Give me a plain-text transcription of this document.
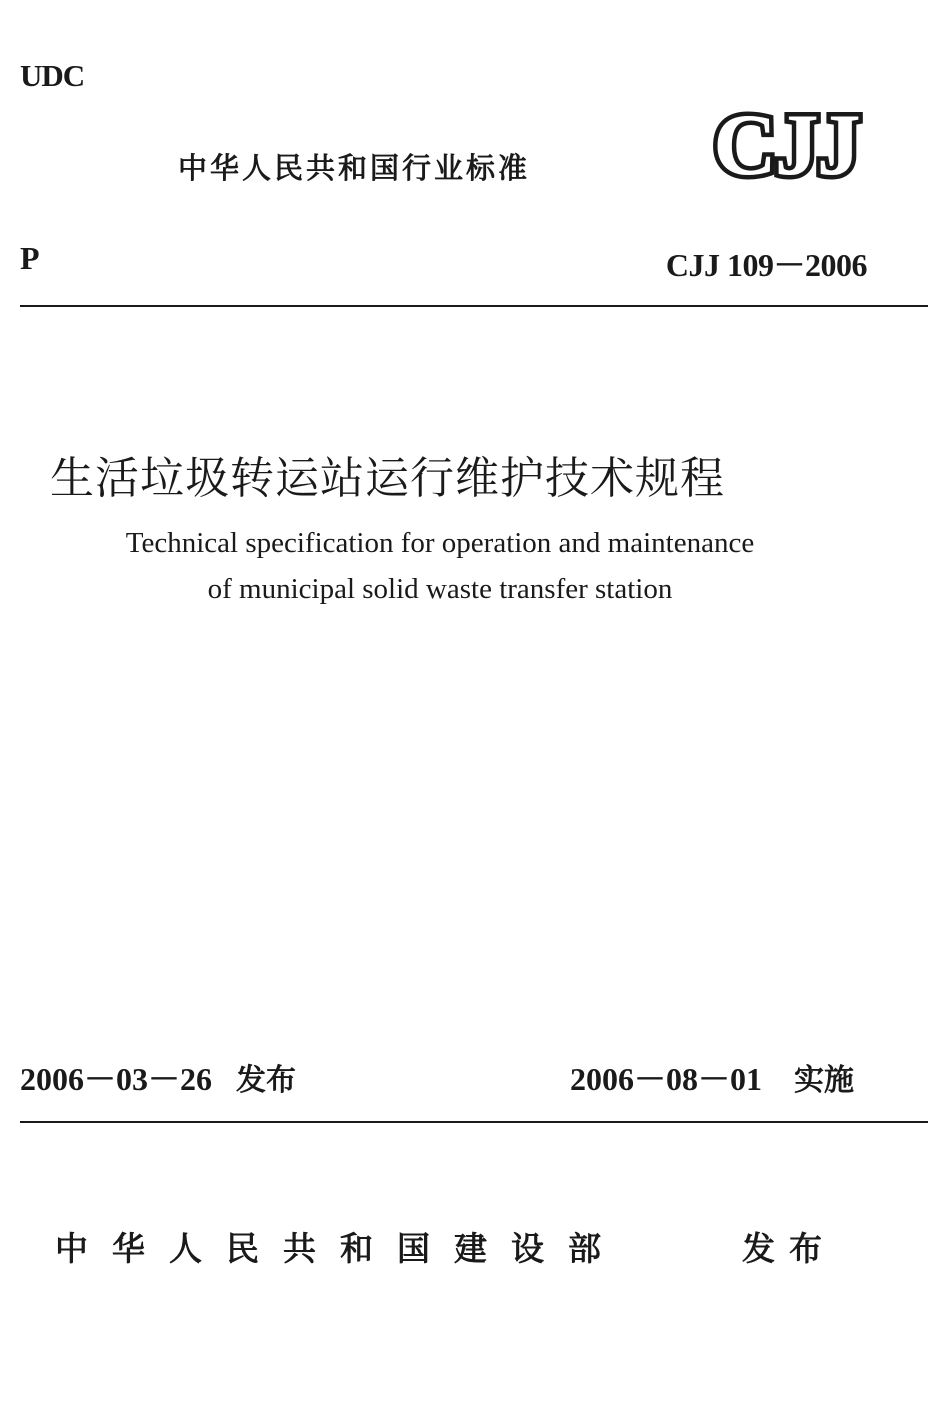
UDC
中华人民共和国行业标准 CJJ
P	CJJ 109－2006
生活垃圾转运站运行维护技术规程
Technical specification for operation and maintenance
of municipal solid waste transfer station
2006－03－26 发布	2006－08－01 实施
中华人民共和国建设部	发布
